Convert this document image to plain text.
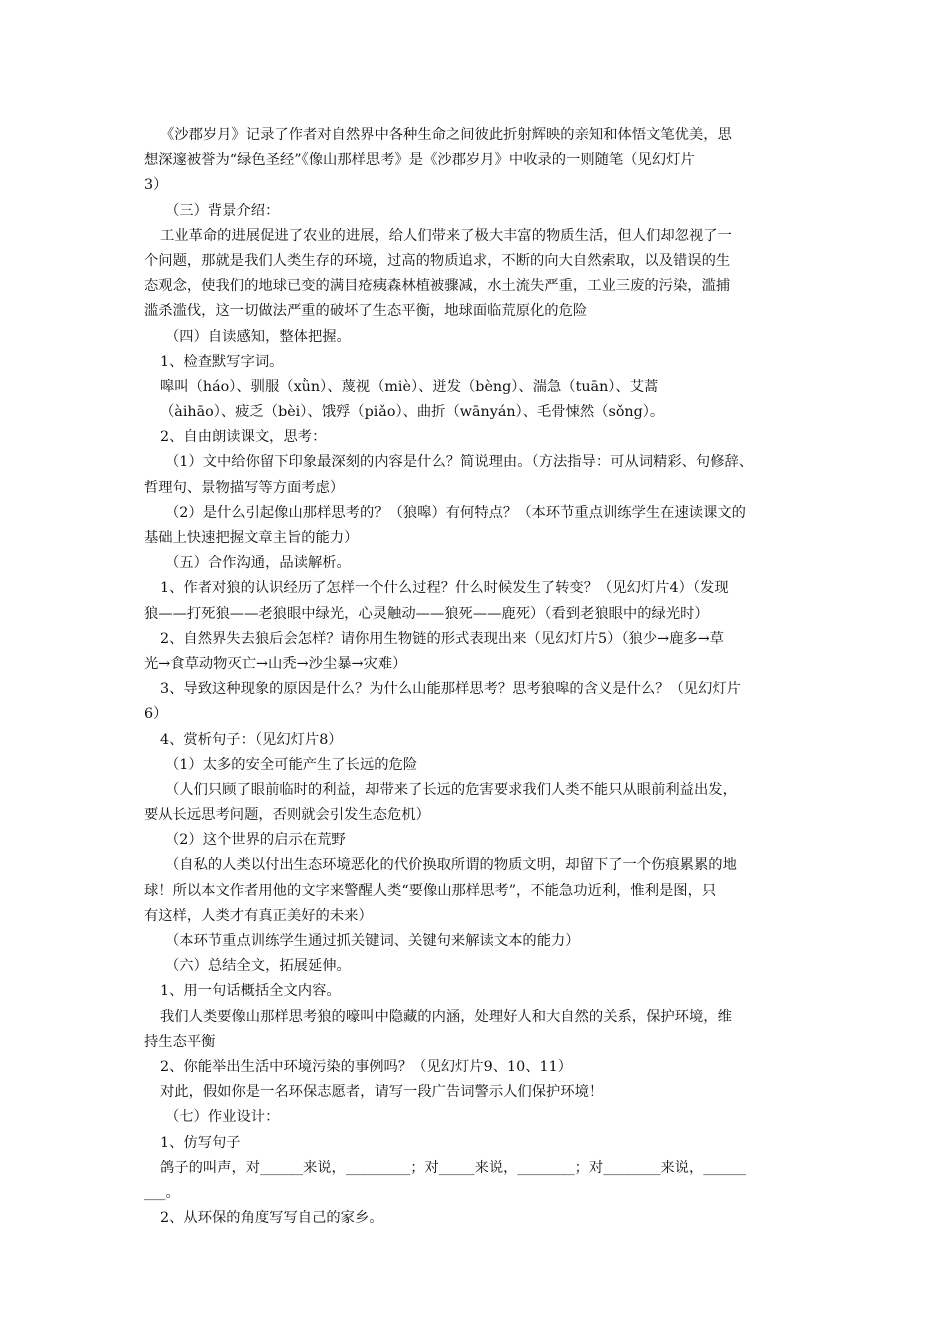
《沙郡岁月》记录了作者对自然界中各种生命之间彼此折射辉映的亲知和体悟文笔优美，思
想深邃被誉为“绿色圣经”《像山那样思考》是《沙郡岁月》中收录的一则随笔（见幻灯片
3）
（三）背景介绍：
工业革命的进展促进了农业的进展，给人们带来了极大丰富的物质生活，但人们却忽视了一
个问题，那就是我们人类生存的环境，过高的物质追求，不断的向大自然索取，以及错误的生
态观念，使我们的地球已变的满目疮痍森林植被骤减，水土流失严重，工业三废的污染，滥捕
滥杀滥伐，这一切做法严重的破坏了生态平衡，地球面临荒原化的危险
（四）自读感知，整体把握。
1、检查默写字词。
嗥叫（háo）、驯服（xǜn）、蔑视（miè）、迸发（bèng）、湍急（tuān）、艾蒿
（àihāo）、疲乏（bèi）、饿殍（piǎo）、曲折（wānyán）、毛骨悚然（sǒng）。
2、自由朗读课文，思考：
（1）文中给你留下印象最深刻的内容是什么？简说理由。（方法指导：可从词精彩、句修辞、
哲理句、景物描写等方面考虑）
（2）是什么引起像山那样思考的？（狼嗥）有何特点？（本环节重点训练学生在速读课文的
基础上快速把握文章主旨的能力）
（五）合作沟通，品读解析。
1、作者对狼的认识经历了怎样一个什么过程？什么时候发生了转变？（见幻灯片4）（发现
狼——打死狼——老狼眼中绿光，心灵触动——狼死——鹿死）（看到老狼眼中的绿光时）
2、自然界失去狼后会怎样？请你用生物链的形式表现出来（见幻灯片5）（狼少→鹿多→草
光→食草动物灭亡→山秃→沙尘暴→灾难）
3、导致这种现象的原因是什么？为什么山能那样思考？思考狼嗥的含义是什么？（见幻灯片
6）
4、赏析句子：（见幻灯片8）
（1）太多的安全可能产生了长远的危险
（人们只顾了眼前临时的利益，却带来了长远的危害要求我们人类不能只从眼前利益出发，
要从长远思考问题，否则就会引发生态危机）
（2）这个世界的启示在荒野
（自私的人类以付出生态环境恶化的代价换取所谓的物质文明，却留下了一个伤痕累累的地
球！所以本文作者用他的文字来警醒人类“要像山那样思考”，不能急功近利，惟利是图，只
有这样，人类才有真正美好的未来）
（本环节重点训练学生通过抓关键词、关键句来解读文本的能力）
（六）总结全文，拓展延伸。
1、用一句话概括全文内容。
我们人类要像山那样思考狼的嚎叫中隐藏的内涵，处理好人和大自然的关系，保护环境，维
持生态平衡
2、你能举出生活中环境污染的事例吗？（见幻灯片9、10、11）
对此，假如你是一名环保志愿者，请写一段广告词警示人们保护环境！
（七）作业设计：
1、仿写句子
鸽子的叫声，对______来说，_________；对_____来说，________；对________来说，______
___。
2、从环保的角度写写自己的家乡。
